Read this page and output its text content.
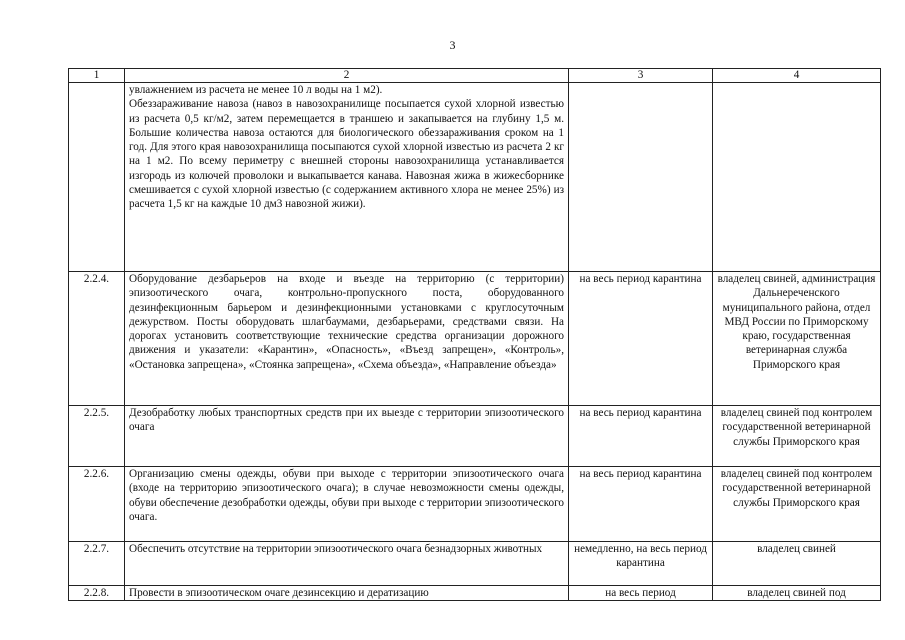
3
1	2	3	4

	увлажнением из расчета не менее 10 л воды на 1 м2).
Обеззараживание навоза (навоз в навозохранилище посыпается сухой хлорной известью из расчета 0,5 кг/м2, затем перемещается в траншею и закапывается на глубину 1,5 м. Большие количества навоза остаются для биологического обеззараживания сроком на 1 год. Для этого края навозохранилища посыпаются сухой хлорной известью из расчета 2 кг на 1 м2. По всему периметру с внешней стороны навозохранилища устанавливается изгородь из колючей проволоки и выкапывается канава. Навозная жижа в жижесборнике смешивается с сухой хлорной известью (с содержанием активного хлора не менее 25%) из расчета 1,5 кг на каждые 10 дм3 навозной жижи).		

2.2.4.	Оборудование дезбарьеров на входе и въезде на территорию (с территории) эпизоотического очага, контрольно-пропускного поста, оборудованного дезинфекционным барьером и дезинфекционными установками с круглосуточным дежурством. Посты оборудовать шлагбаумами, дезбарьерами, средствами связи. На дорогах установить соответствующие технические средства организации дорожного движения и указатели: «Карантин», «Опасность», «Въезд запрещен», «Контроль», «Остановка запрещена», «Стоянка запрещена», «Схема объезда», «Направление объезда»	на весь период карантина	владелец свиней, администрация Дальнереченского муниципального района, отдел МВД России по Приморскому краю, государственная ветеринарная служба Приморского края
2.2.5.	Дезобработку любых транспортных средств при их выезде с территории эпизоотического очага	на весь период карантина	владелец свиней под контролем государственной ветеринарной службы Приморского края
2.2.6.	Организацию смены одежды, обуви при выходе с территории эпизоотического очага (входе на территорию эпизоотического очага); в случае невозможности смены одежды, обуви обеспечение дезобработки одежды, обуви при выходе с территории эпизоотического очага.	на весь период карантина	владелец свиней под контролем государственной ветеринарной службы Приморского края
2.2.7.	Обеспечить отсутствие на территории эпизоотического очага безнадзорных животных	немедленно, на весь период карантина	владелец свиней
2.2.8.	Провести в эпизоотическом очаге дезинсекцию и дератизацию	на весь период	владелец свиней под
